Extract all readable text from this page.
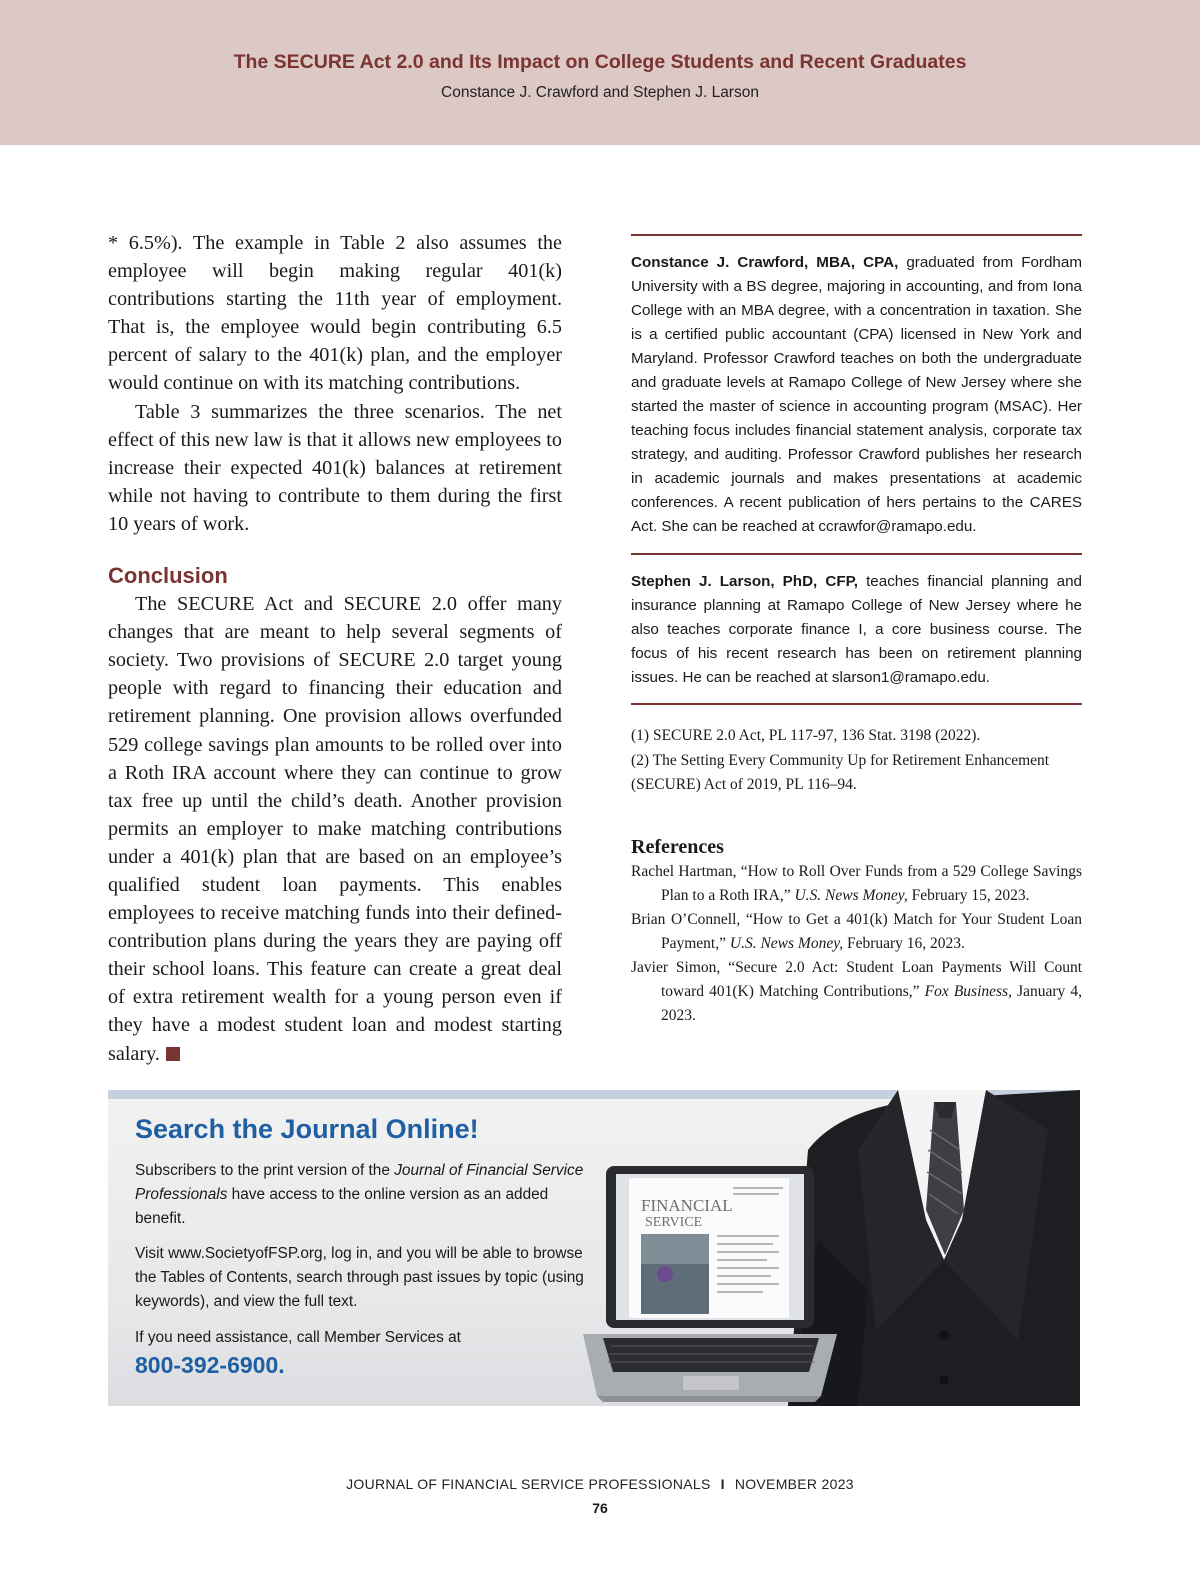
The SECURE Act 2.0 and Its Impact on College Students and Recent Graduates
Constance J. Crawford and Stephen J. Larson

* 6.5%). The example in Table 2 also assumes the employee will begin making regular 401(k) contributions starting the 11th year of employment. That is, the employee would begin contributing 6.5 percent of salary to the 401(k) plan, and the employer would continue on with its matching contributions.

Table 3 summarizes the three scenarios. The net effect of this new law is that it allows new employees to increase their expected 401(k) balances at retirement while not having to contribute to them during the first 10 years of work.

Conclusion

The SECURE Act and SECURE 2.0 offer many changes that are meant to help several segments of society. Two provisions of SECURE 2.0 target young people with regard to financing their education and retirement planning. One provision allows overfunded 529 college savings plan amounts to be rolled over into a Roth IRA account where they can continue to grow tax free up until the child’s death. Another provision permits an employer to make matching contributions under a 401(k) plan that are based on an employee’s qualified student loan payments. This enables employees to receive matching funds into their defined-contribution plans during the years they are paying off their school loans. This feature can create a great deal of extra retirement wealth for a young person even if they have a modest student loan and modest starting salary.

Constance J. Crawford, MBA, CPA, graduated from Fordham University with a BS degree, majoring in accounting, and from Iona College with an MBA degree, with a concentration in taxation. She is a certified public accountant (CPA) licensed in New York and Maryland. Professor Crawford teaches on both the undergraduate and graduate levels at Ramapo College of New Jersey where she started the master of science in accounting program (MSAC). Her teaching focus includes financial statement analysis, corporate tax strategy, and auditing. Professor Crawford publishes her research in academic journals and makes presentations at academic conferences. A recent publication of hers pertains to the CARES Act. She can be reached at ccrawfor@ramapo.edu.
Stephen J. Larson, PhD, CFP, teaches financial planning and insurance planning at Ramapo College of New Jersey where he also teaches corporate finance I, a core business course. The focus of his recent research has been on retirement planning issues. He can be reached at slarson1@ramapo.edu.
(1) SECURE 2.0 Act, PL 117-97, 136 Stat. 3198 (2022).
(2) The Setting Every Community Up for Retirement Enhancement (SECURE) Act of 2019, PL 116–94.
References
Rachel Hartman, “How to Roll Over Funds from a 529 College Savings Plan to a Roth IRA,” U.S. News Money, February 15, 2023.
Brian O’Connell, “How to Get a 401(k) Match for Your Student Loan Payment,” U.S. News Money, February 16, 2023.
Javier Simon, “Secure 2.0 Act: Student Loan Payments Will Count toward 401(K) Matching Contributions,” Fox Business, January 4, 2023.
FINANCIAL
SERVICE
Search the Journal Online!
Subscribers to the print version of the Journal of Financial Service Professionals have access to the online version as an added benefit.
Visit www.SocietyofFSP.org, log in, and you will be able to browse the Tables of Contents, search through past issues by topic (using keywords), and view the full text.
If you need assistance, call Member Services at
800-392-6900.
JOURNAL OF FINANCIAL SERVICE PROFESSIONALS I NOVEMBER 2023
76
